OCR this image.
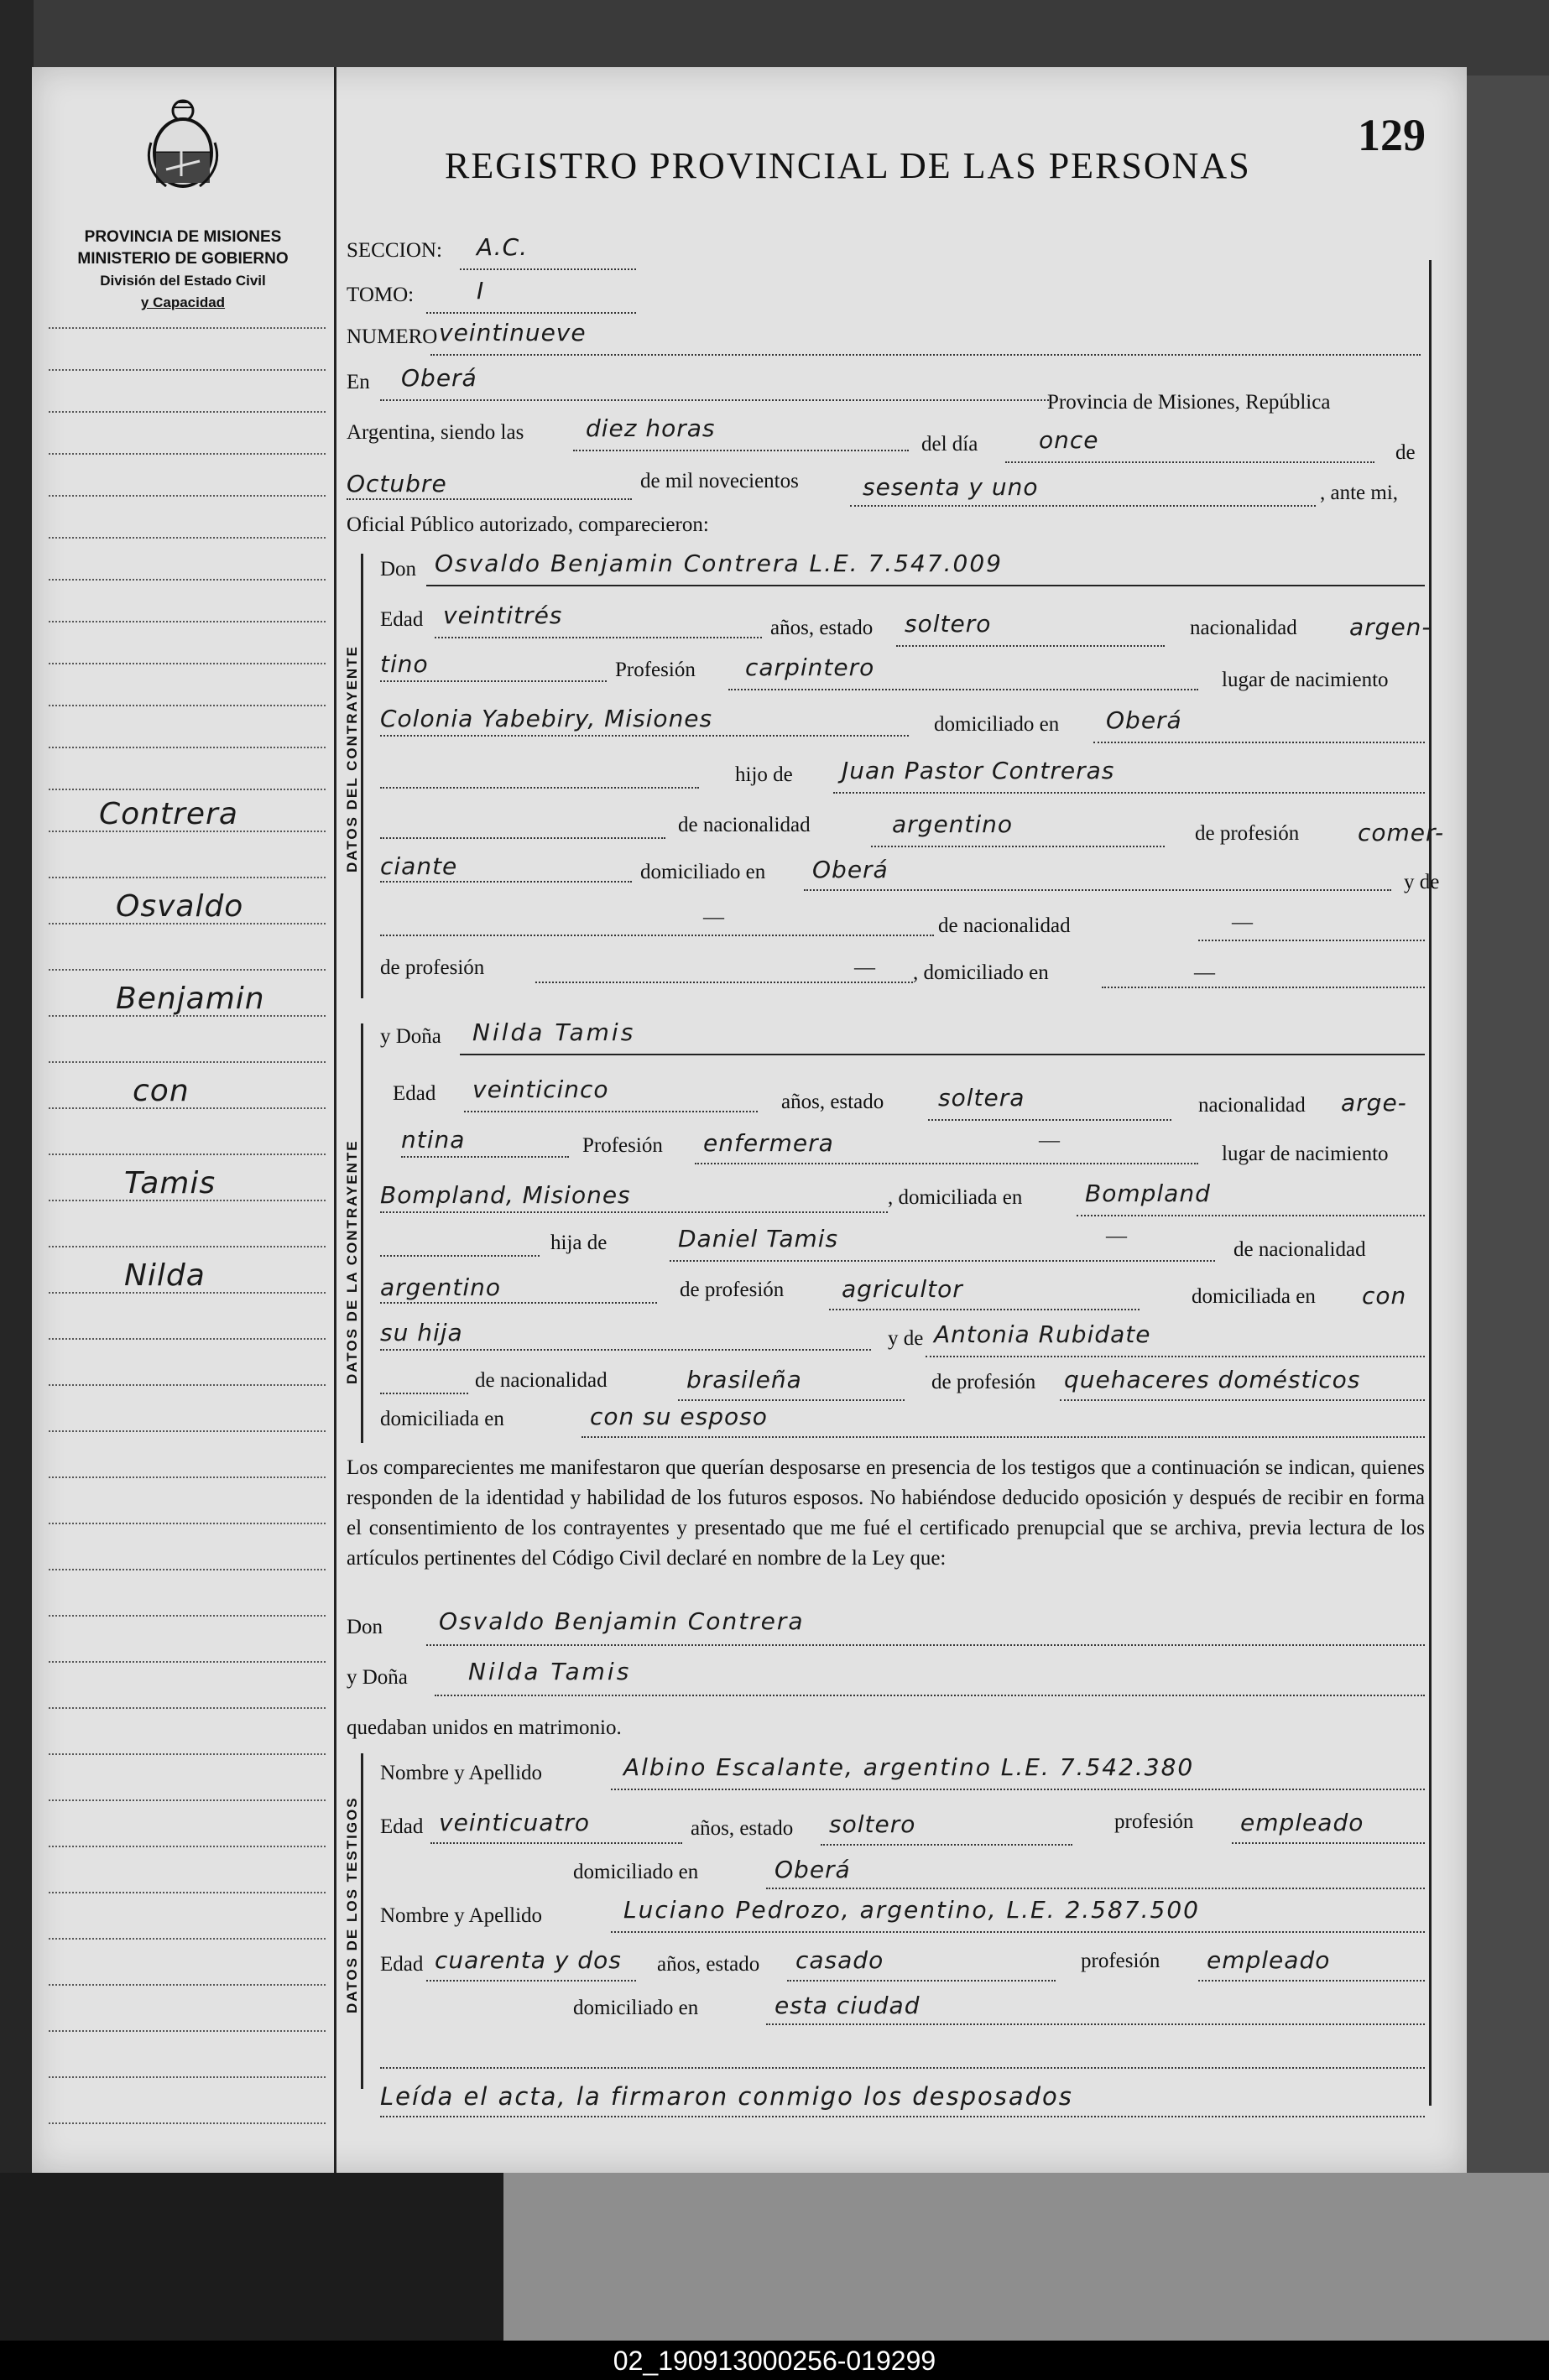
PROVINCIA DE MISIONES
MINISTERIO DE GOBIERNO
División del Estado Civil
y Capacidad
Contrera
Osvaldo
Benjamin
con
Tamis
Nilda
REGISTRO PROVINCIAL DE LAS PERSONAS
129
SECCION: A.C.
TOMO:	I
NUMERO veintinueve
En Oberá
Provincia de Misiones, República
Argentina, siendo las	diez horas
del día	once	de
Octubre	de mil novecientos	sesenta y uno	, ante mi,
Oficial Público autorizado, comparecieron:
DATOS DEL CONTRAYENTE
Don Osvaldo Benjamin Contrera L.E. 7.547.009
Edad veintitrés	años, estado soltero	nacionalidad argen-
tino	Profesión carpintero	lugar de nacimiento
Colonia Yabebiry, Misiones	domiciliado en Oberá
hijo de Juan Pastor Contreras
de nacionalidad	argentino	de profesión comer-
ciante	domiciliado en Oberá	y de
—	de nacionalidad	—
de profesión	— , domiciliado en	—
DATOS DE LA CONTRAYENTE
y Doña Nilda Tamis
Edad veinticinco	años, estado soltera	nacionalidad arge-
ntina	Profesión enfermera	—
lugar de nacimiento
Bompland, Misiones	, domiciliada en	Bompland
hija de	Daniel Tamis	—
de nacionalidad
argentino	de profesión agricultor	domiciliada en con
su hija	y de Antonia Rubidate
de nacionalidad	brasileña	de profesión quehaceres domésticos
domiciliada en	con su esposo
Los comparecientes me manifestaron que querían desposarse en presencia de los testigos que a continuación se indican, quienes responden de la identidad y habilidad de los futuros esposos. No habiéndose deducido oposición y después de recibir en forma el consentimiento de los contrayentes y presentado que me fué el certificado prenupcial que se archiva, previa lectura de los artículos pertinentes del Código Civil declaré en nombre de la Ley que:
Don Osvaldo Benjamin Contrera
y Doña	Nilda Tamis
quedaban unidos en matrimonio.
DATOS DE LOS TESTIGOS
Nombre y Apellido	Albino Escalante, argentino L.E. 7.542.380
Edad veinticuatro	años, estado soltero	profesión empleado
domiciliado en	Oberá
Nombre y Apellido	Luciano Pedrozo, argentino, L.E. 2.587.500
Edad cuarenta y dos años, estado casado	profesión empleado
domiciliado en	esta ciudad
Leída el acta, la firmaron conmigo los desposados
02_190913000256-019299
